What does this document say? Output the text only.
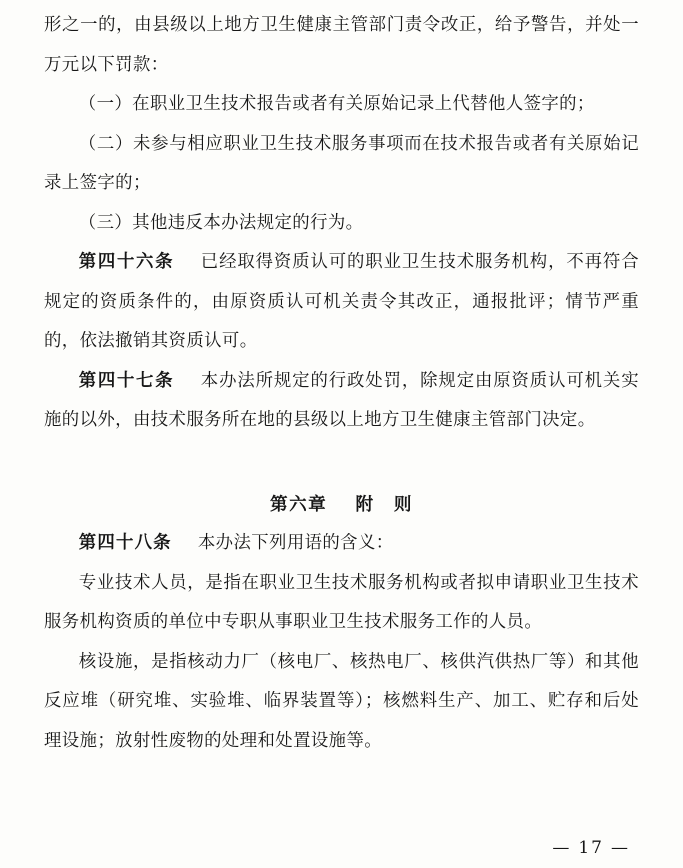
形之一的，由县级以上地方卫生健康主管部门责令改正，给予警告，并处一万元以下罚款：

（一）在职业卫生技术报告或者有关原始记录上代替他人签字的；

（二）未参与相应职业卫生技术服务事项而在技术报告或者有关原始记录上签字的；

（三）其他违反本办法规定的行为。

第四十六条 已经取得资质认可的职业卫生技术服务机构，不再符合规定的资质条件的，由原资质认可机关责令其改正，通报批评；情节严重的，依法撤销其资质认可。

第四十七条 本办法所规定的行政处罚，除规定由原资质认可机关实施的以外，由技术服务所在地的县级以上地方卫生健康主管部门决定。

第六章 附 则

第四十八条 本办法下列用语的含义：

专业技术人员，是指在职业卫生技术服务机构或者拟申请职业卫生技术服务机构资质的单位中专职从事职业卫生技术服务工作的人员。

核设施，是指核动力厂（核电厂、核热电厂、核供汽供热厂等）和其他反应堆（研究堆、实验堆、临界装置等）；核燃料生产、加工、贮存和后处理设施；放射性废物的处理和处置设施等。

— 17 —
